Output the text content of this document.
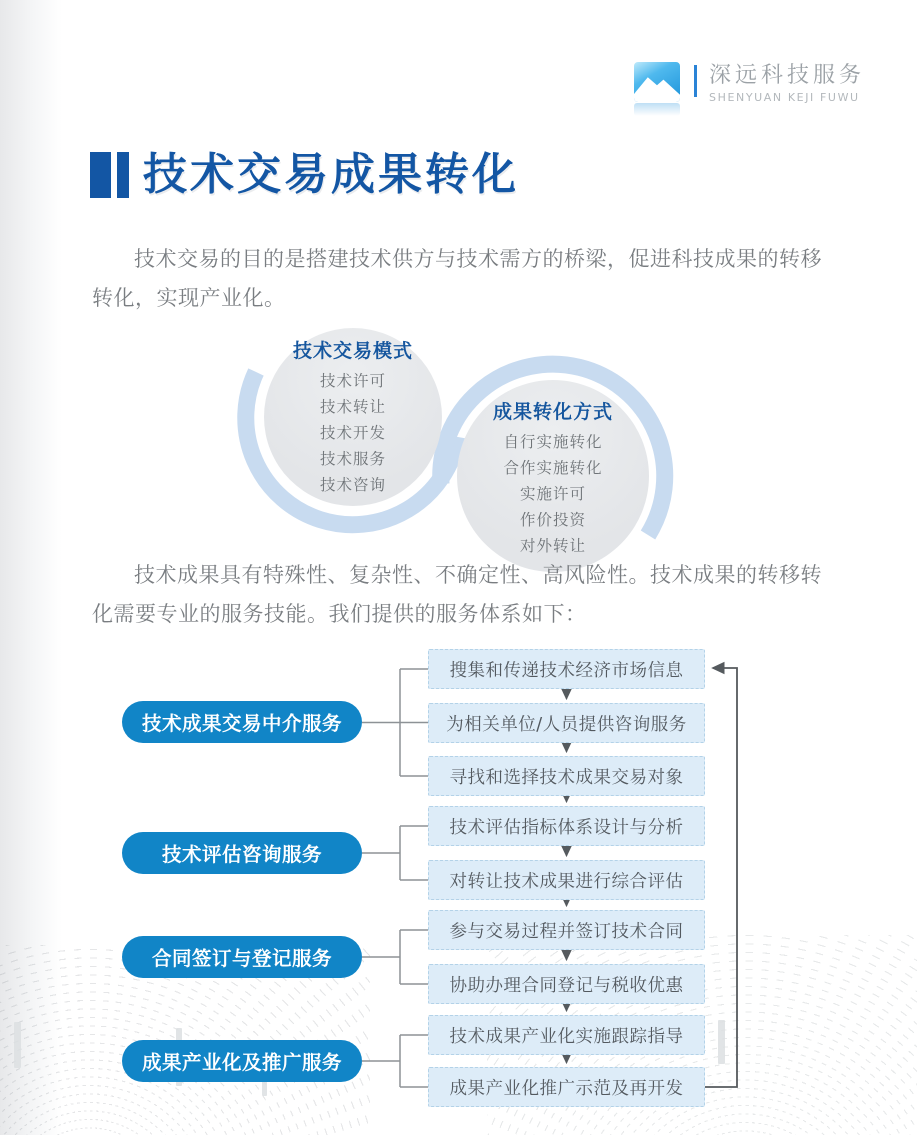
深远科技服务
SHENYUAN KEJI FUWU
技术交易成果转化

技术交易的目的是搭建技术供方与技术需方的桥梁，促进科技成果的转移转化，实现产业化。

技术交易模式
技术许可
技术转让
技术开发
技术服务
技术咨询
成果转化方式
自行实施转化
合作实施转化
实施许可
作价投资
对外转让

技术成果具有特殊性、复杂性、不确定性、高风险性。技术成果的转移转化需要专业的服务技能。我们提供的服务体系如下：

技术成果交易中介服务
技术评估咨询服务
合同签订与登记服务
成果产业化及推广服务
搜集和传递技术经济市场信息
为相关单位/人员提供咨询服务
寻找和选择技术成果交易对象
技术评估指标体系设计与分析
对转让技术成果进行综合评估
参与交易过程并签订技术合同
协助办理合同登记与税收优惠
技术成果产业化实施跟踪指导
成果产业化推广示范及再开发
